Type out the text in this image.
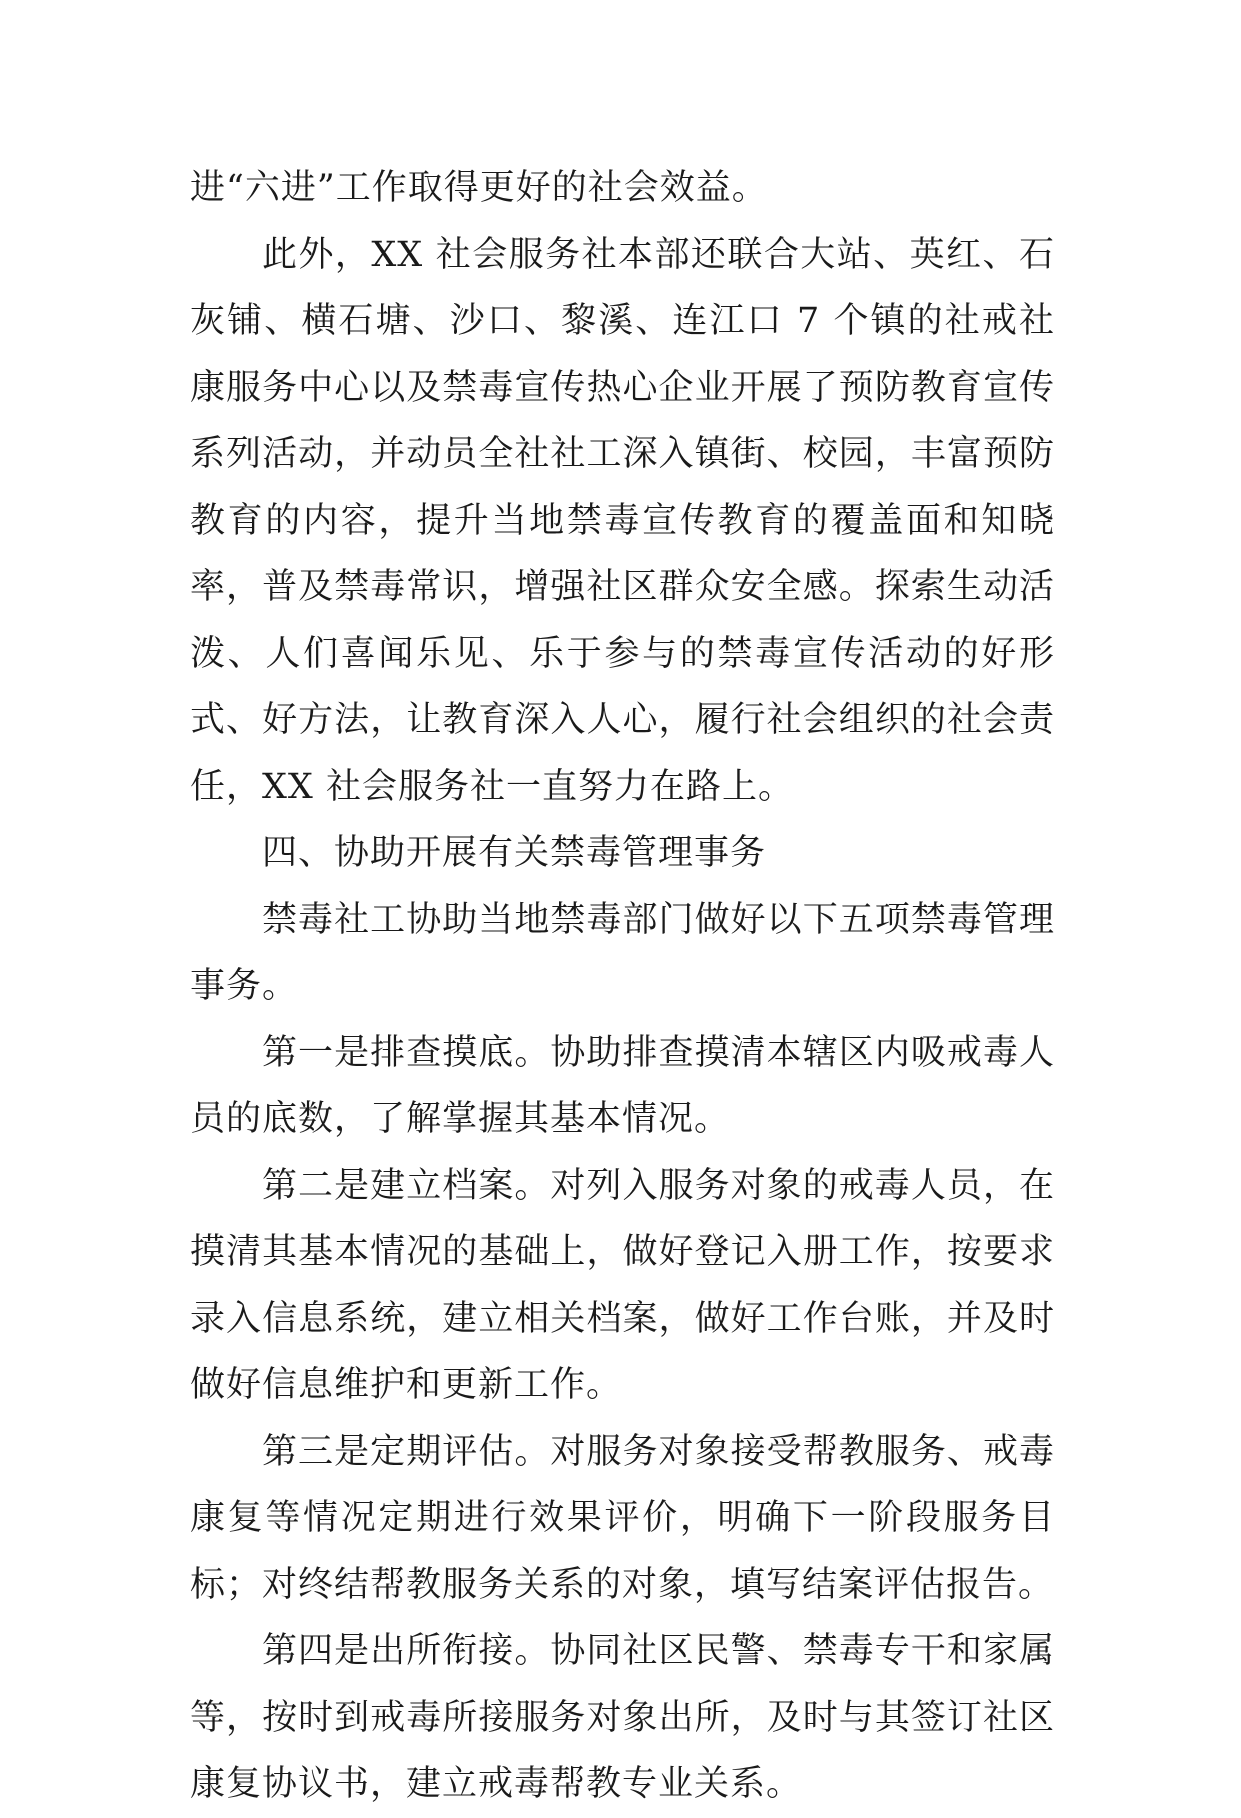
进“六进”工作取得更好的社会效益。

此外，XX 社会服务社本部还联合大站、英红、石灰铺、横石塘、沙口、黎溪、连江口 7 个镇的社戒社康服务中心以及禁毒宣传热心企业开展了预防教育宣传系列活动，并动员全社社工深入镇街、校园，丰富预防教育的内容，提升当地禁毒宣传教育的覆盖面和知晓率，普及禁毒常识，增强社区群众安全感。探索生动活泼、人们喜闻乐见、乐于参与的禁毒宣传活动的好形式、好方法，让教育深入人心，履行社会组织的社会责任，XX 社会服务社一直努力在路上。

四、协助开展有关禁毒管理事务

禁毒社工协助当地禁毒部门做好以下五项禁毒管理事务。

第一是排查摸底。协助排查摸清本辖区内吸戒毒人员的底数，了解掌握其基本情况。

第二是建立档案。对列入服务对象的戒毒人员，在摸清其基本情况的基础上，做好登记入册工作，按要求录入信息系统，建立相关档案，做好工作台账，并及时做好信息维护和更新工作。

第三是定期评估。对服务对象接受帮教服务、戒毒康复等情况定期进行效果评价，明确下一阶段服务目标；对终结帮教服务关系的对象，填写结案评估报告。

第四是出所衔接。协同社区民警、禁毒专干和家属等，按时到戒毒所接服务对象出所，及时与其签订社区康复协议书，建立戒毒帮教专业关系。
